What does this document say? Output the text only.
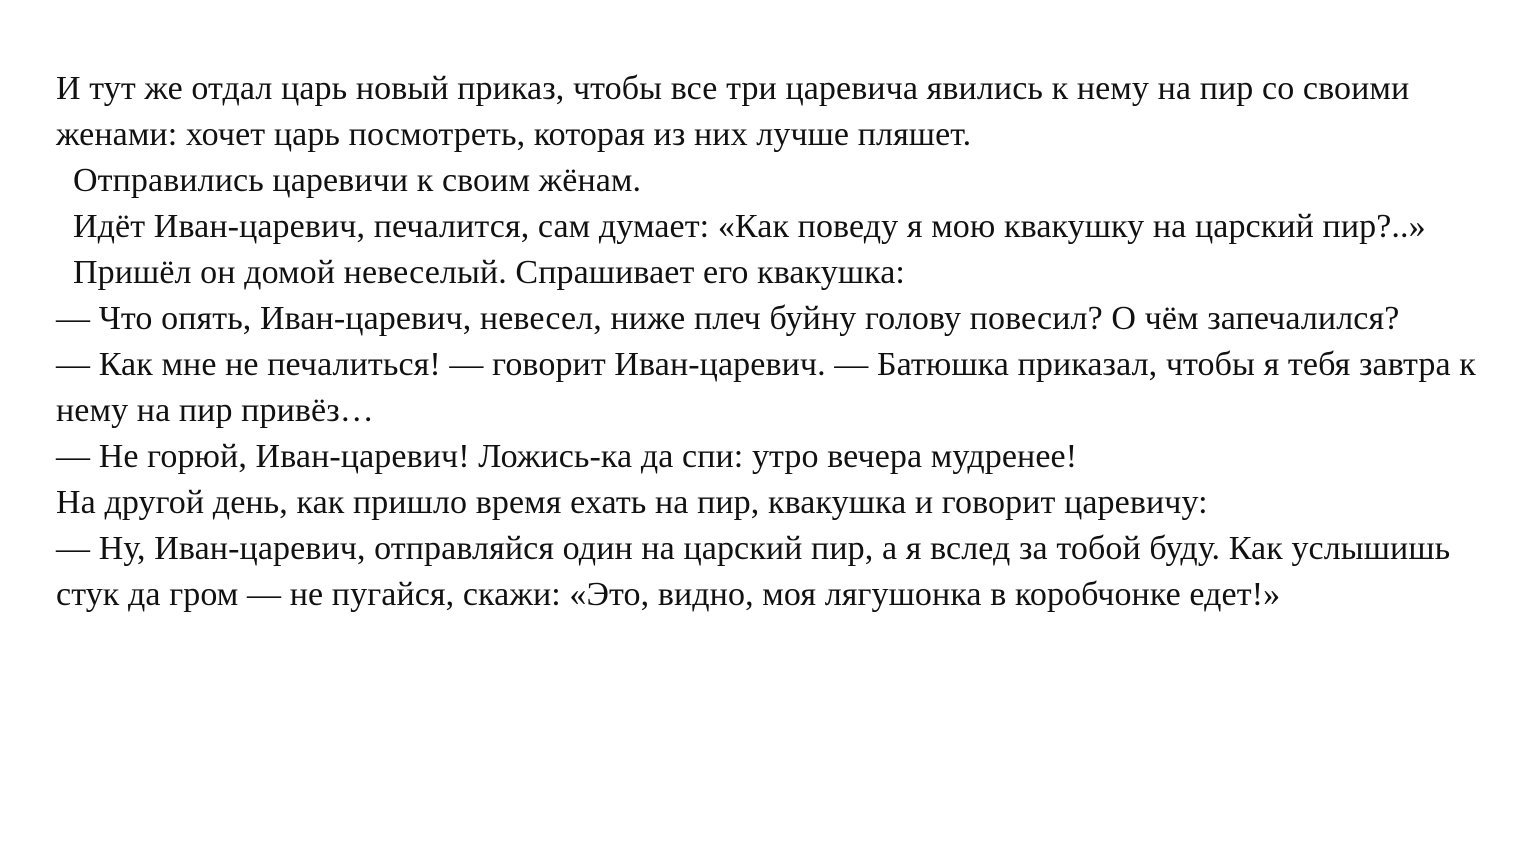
И тут же отдал царь новый приказ, чтобы все три царевича явились к нему на пир со своими женами: хочет царь посмотреть, которая из них лучше пляшет.

Отправились царевичи к своим жёнам.

Идёт Иван-царевич, печалится, сам думает: «Как поведу я мою квакушку на царский пир?..»

Пришёл он домой невеселый. Спрашивает его квакушка:

— Что опять, Иван-царевич, невесел, ниже плеч буйну голову повесил? О чём запечалился?

— Как мне не печалиться! — говорит Иван-царевич. — Батюшка приказал, чтобы я тебя завтра к нему на пир привёз…

— Не горюй, Иван-царевич! Ложись-ка да спи: утро вечера мудренее!

На другой день, как пришло время ехать на пир, квакушка и говорит царевичу:

— Ну, Иван-царевич, отправляйся один на царский пир, а я вслед за тобой буду. Как услышишь стук да гром — не пугайся, скажи: «Это, видно, моя лягушонка в коробчонке едет!»
